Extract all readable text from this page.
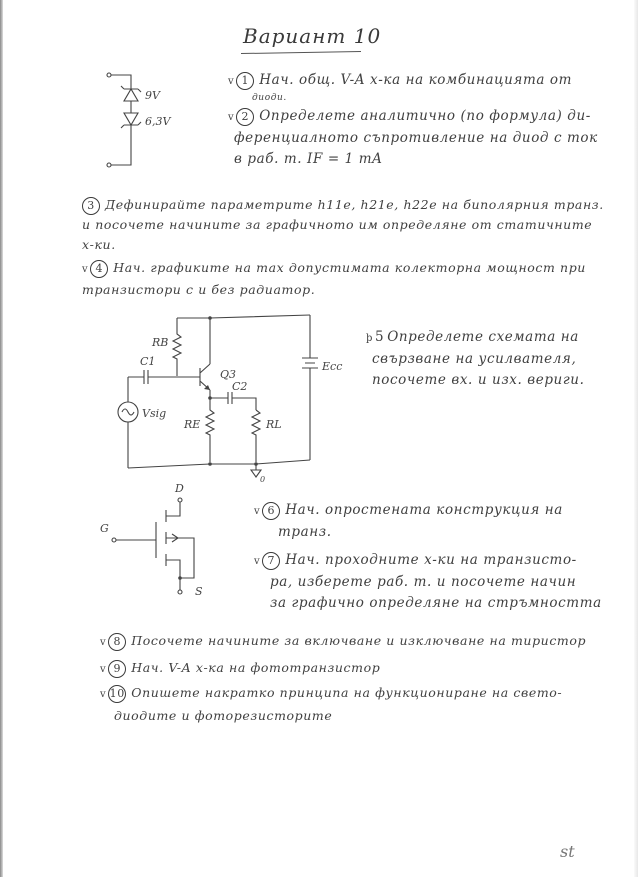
Вариант 10
9V
6,3V
v 1 Нач. общ. V-A х-ка на комбинацията от
диоди.
v 2 Определете аналитично (по формула) ди-
ференциалното съпротивление на диод с ток
в раб. т. IF = 1 mA
3 Дефинирайте параметрите h11e, h21e, h22e на биполярния транз.
и посочете начините за графичното им определяне от статичните
х-ки.
v 4 Нач. графиките на max допустимата колекторна мощност при
транзистори с и без радиатор.
RB
C1
Q3
C2
RE	RL
Ecc
Vsig
0
þ 5 Определете схемата на
свързване на усилвателя,
посочете вх. и изх. вериги.
D
G
S
v 6 Нач. опростената конструкция на
транз.
v 7 Нач. проходните х-ки на транзисто-
ра, изберете раб. т. и посочете начин
за графично определяне на стръмността
v 8 Посочете начините за включване и изключване на тиристор
v 9 Нач. V-A х-ка на фототранзистор
v 10 Опишете накратко принципа на функциониране на свето-
диодите и фоторезисторите
st
